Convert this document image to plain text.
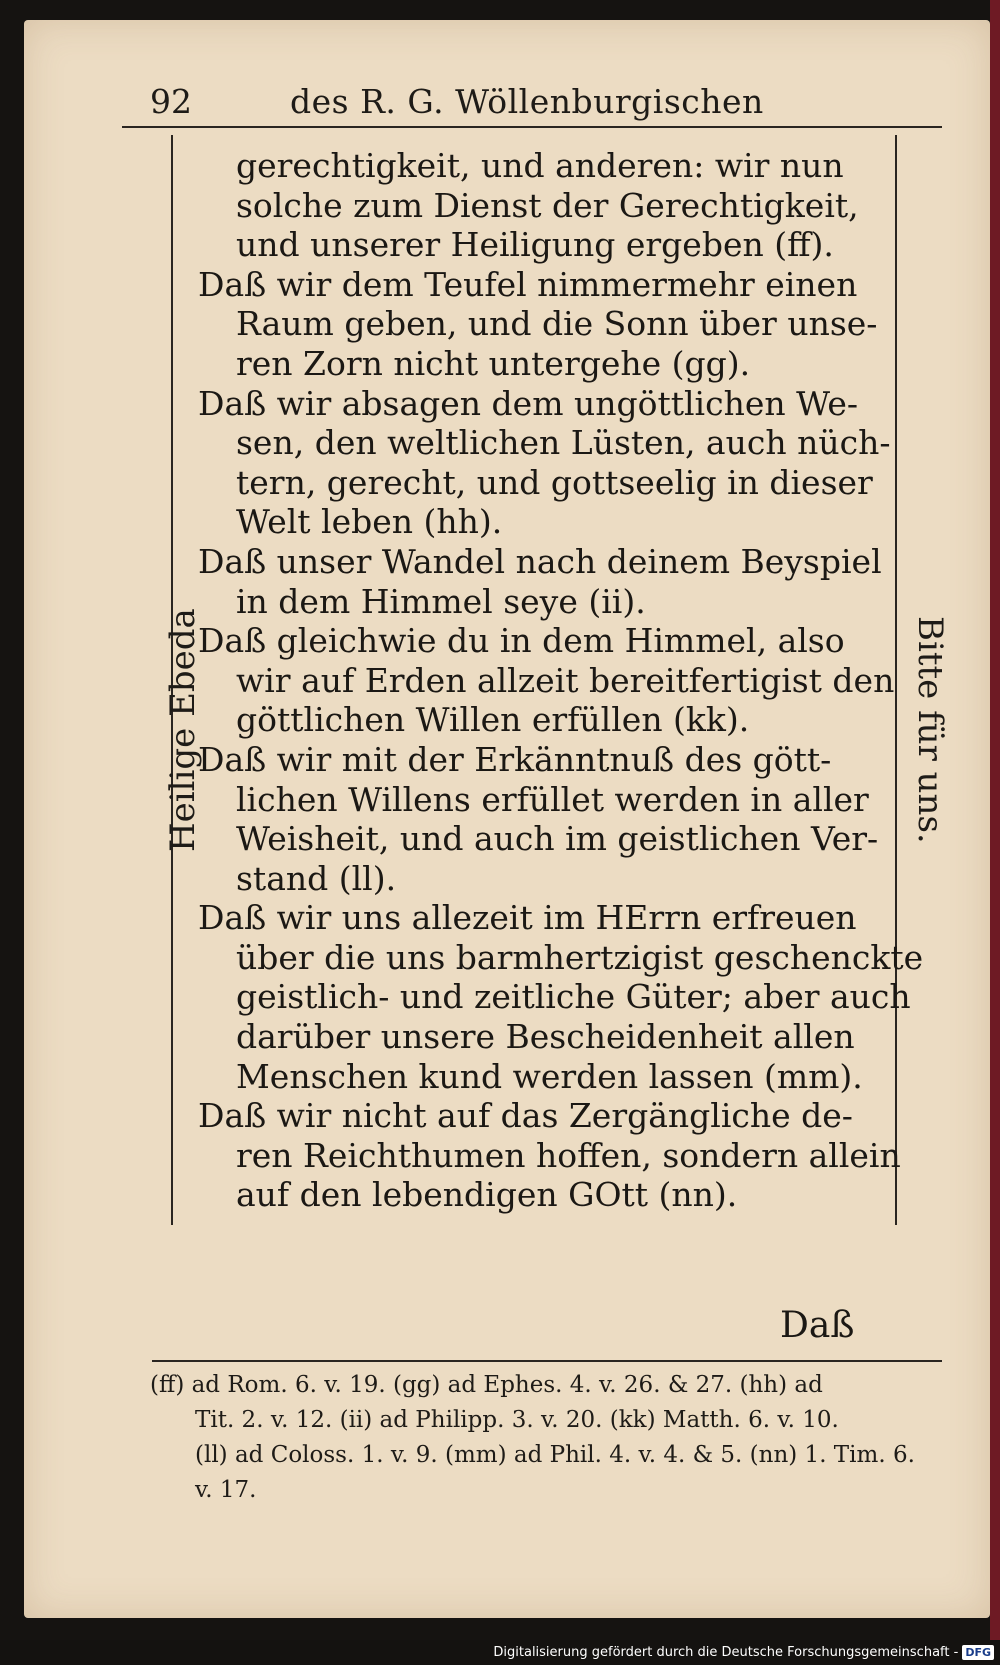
92	des R. G. Wöllenburgischen
Heilige Ebeda	Bitte für uns.
gerechtigkeit, und anderen: wir nun
solche zum Dienst der Gerechtigkeit,
und unserer Heiligung ergeben (ff).
Daß wir dem Teufel nimmermehr einen
Raum geben, und die Sonn über unse-
ren Zorn nicht untergehe (gg).
Daß wir absagen dem ungöttlichen We-
sen, den weltlichen Lüsten, auch nüch-
tern, gerecht, und gottseelig in dieser
Welt leben (hh).
Daß unser Wandel nach deinem Beyspiel
in dem Himmel seye (ii).
Daß gleichwie du in dem Himmel, also
wir auf Erden allzeit bereitfertigist den
göttlichen Willen erfüllen (kk).
Daß wir mit der Erkänntnuß des gött-
lichen Willens erfüllet werden in aller
Weisheit, und auch im geistlichen Ver-
stand (ll).
Daß wir uns allezeit im HErrn erfreuen
über die uns barmhertzigist geschenckte
geistlich- und zeitliche Güter; aber auch
darüber unsere Bescheidenheit allen
Menschen kund werden lassen (mm).
Daß wir nicht auf das Zergängliche de-
ren Reichthumen hoffen, sondern allein
auf den lebendigen GOtt (nn).
Daß
(ff) ad Rom. 6. v. 19. (gg) ad Ephes. 4. v. 26. & 27. (hh) ad
Tit. 2. v. 12. (ii) ad Philipp. 3. v. 20. (kk) Matth. 6. v. 10.
(ll) ad Coloss. 1. v. 9. (mm) ad Phil. 4. v. 4. & 5. (nn) 1. Tim. 6.
v. 17.
Digitalisierung gefördert durch die Deutsche Forschungsgemeinschaft - DFG
